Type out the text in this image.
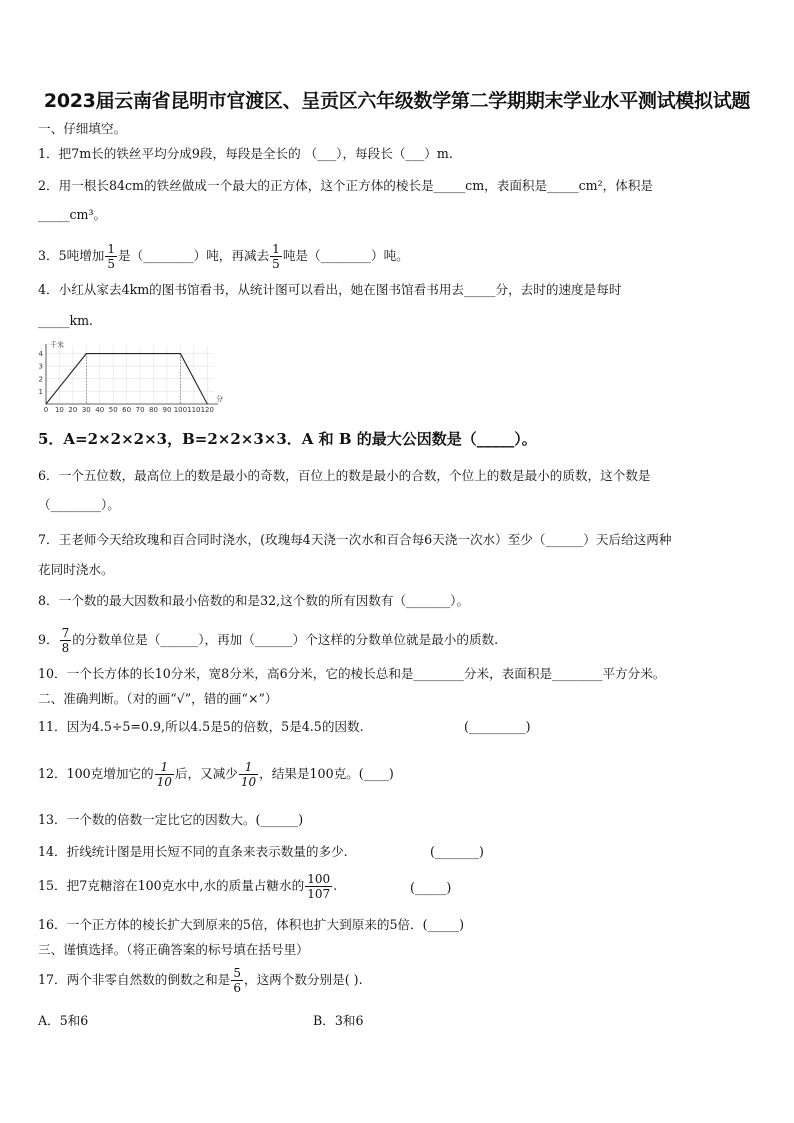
2023届云南省昆明市官渡区、呈贡区六年级数学第二学期期末学业水平测试模拟试题
一、仔细填空。
1．把7m长的铁丝平均分成9段，每段是全长的 （___），每段长（___）m.
2．用一根长84cm的铁丝做成一个最大的正方体，这个正方体的棱长是_____cm，表面积是_____cm²，体积是
_____cm³。
3．5吨增加 $\frac{1}{5}$ 是（________）吨，再减去 $\frac{1}{5}$ 吨是（________）吨。
4．小红从家去4km的图书馆看书，从统计图可以看出，她在图书馆看书用去_____分，去时的速度是每时
_____km.
0 10 20 30 40 50 60 70 80 90 100 110 120
1
2
3
4
千米
分
5．A=2×2×2×3，B=2×2×3×3．A 和 B 的最大公因数是（_____）。
6．一个五位数，最高位上的数是最小的奇数，百位上的数是最小的合数，个位上的数是最小的质数，这个数是
（________）。
7．王老师今天给玫瑰和百合同时浇水，(玫瑰每4天浇一次水和百合每6天浇一次水）至少（______）天后给这两种
花同时浇水。
8．一个数的最大因数和最小倍数的和是32,这个数的所有因数有（_______）。
9． $\frac{7}{8}$ 的分数单位是（______），再加（______）个这样的分数单位就是最小的质数.
10．一个长方体的长10分米，宽8分米，高6分米，它的棱长总和是________分米，表面积是________平方分米。
二、准确判断。（对的画“√”，错的画“×”）
11．因为4.5÷5=0.9,所以4.5是5的倍数，5是4.5的因数.	(_________)
12．100克增加它的 $\frac{1}{10}$ 后，又减少 $\frac{1}{10}$ ，结果是100克。(____)
13．一个数的倍数一定比它的因数大。(______)
14．折线统计图是用长短不同的直条来表示数量的多少.	(_______)
15．把7克糖溶在100克水中,水的质量占糖水的 $\frac{100}{107}$ .	(_____)
16．一个正方体的棱长扩大到原来的5倍，体积也扩大到原来的5倍．(_____)
三、谨慎选择。（将正确答案的标号填在括号里）
17．两个非零自然数的倒数之和是 $\frac{5}{6}$ ，这两个数分别是( ).
A．5和6	B．3和6
